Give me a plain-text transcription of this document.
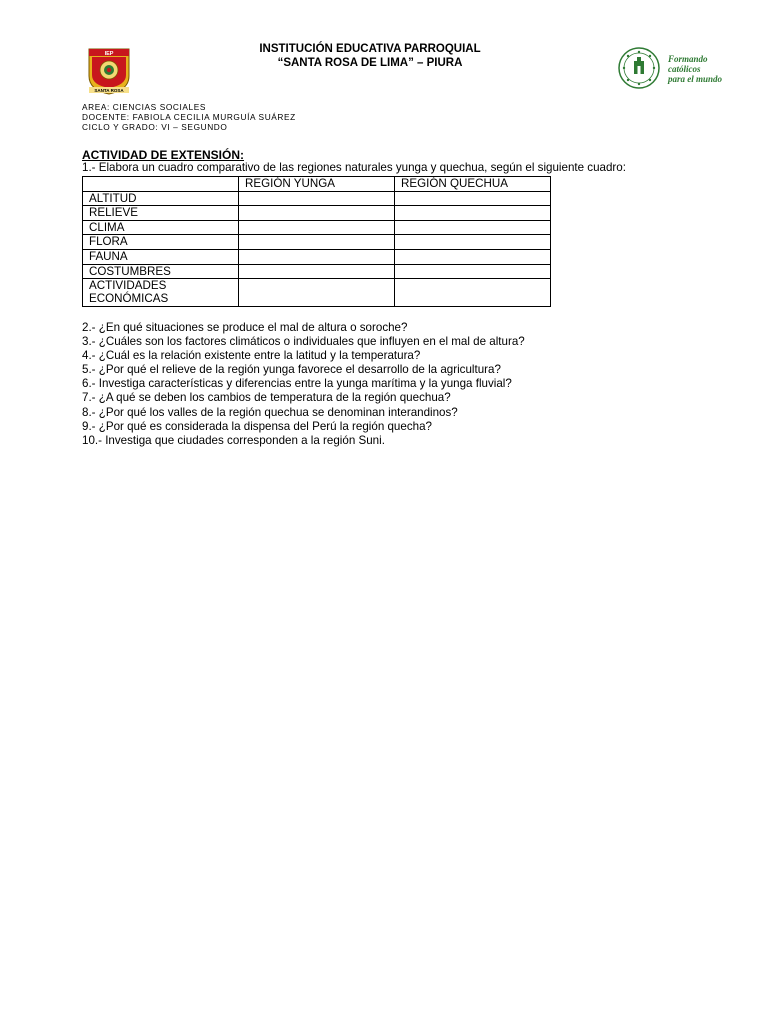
IEP
SANTA ROSA
INSTITUCIÓN EDUCATIVA PARROQUIAL
“SANTA ROSA DE LIMA” – PIURA	Formando
católicos
para el mundo
AREA: CIENCIAS SOCIALES
DOCENTE: FABIOLA CECILIA MURGUÍA SUÁREZ
CICLO Y GRADO: VI – SEGUNDO
ACTIVIDAD DE EXTENSIÓN:
1.- Elabora un cuadro comparativo de las regiones naturales yunga y quechua, según el siguiente cuadro:
	REGIÓN YUNGA	REGIÓN QUECHUA
ALTITUD		
RELIEVE		
CLIMA		
FLORA		
FAUNA		
COSTUMBRES		

ACTIVIDADES
ECONÓMICAS		

2.- ¿En qué situaciones se produce el mal de altura o soroche?
3.- ¿Cuáles son los factores climáticos o individuales que influyen en el mal de altura?
4.- ¿Cuál es la relación existente entre la latitud y la temperatura?
5.- ¿Por qué el relieve de la región yunga favorece el desarrollo de la agricultura?
6.- Investiga características y diferencias entre la yunga marítima y la yunga fluvial?
7.- ¿A qué se deben los cambios de temperatura de la región quechua?
8.- ¿Por qué los valles de la región quechua se denominan interandinos?
9.- ¿Por qué es considerada la dispensa del Perú la región quecha?
10.- Investiga que ciudades corresponden a la región Suni.
